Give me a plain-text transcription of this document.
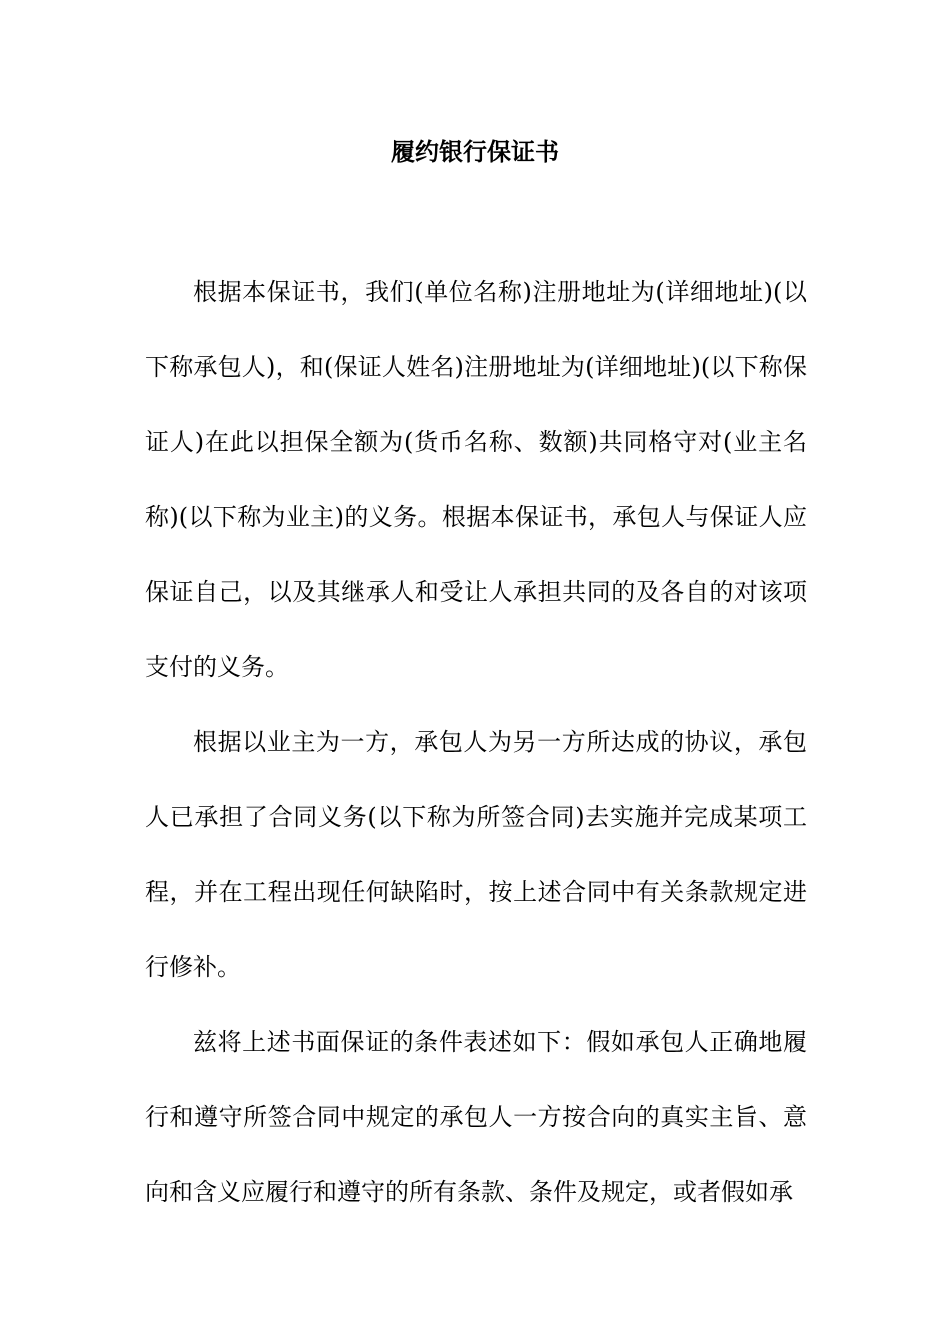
履约银行保证书

根据本保证书，我们(单位名称)注册地址为(详细地址)(以下称承包人)，和(保证人姓名)注册地址为(详细地址)(以下称保证人)在此以担保全额为(货币名称、数额)共同格守对(业主名称)(以下称为业主)的义务。根据本保证书，承包人与保证人应保证自己，以及其继承人和受让人承担共同的及各自的对该项支付的义务。

根据以业主为一方，承包人为另一方所达成的协议，承包人已承担了合同义务(以下称为所签合同)去实施并完成某项工程，并在工程出现任何缺陷时，按上述合同中有关条款规定进行修补。

兹将上述书面保证的条件表述如下：假如承包人正确地履行和遵守所签合同中规定的承包人一方按合向的真实主旨、意向和含义应履行和遵守的所有条款、条件及规定，或者假如承
